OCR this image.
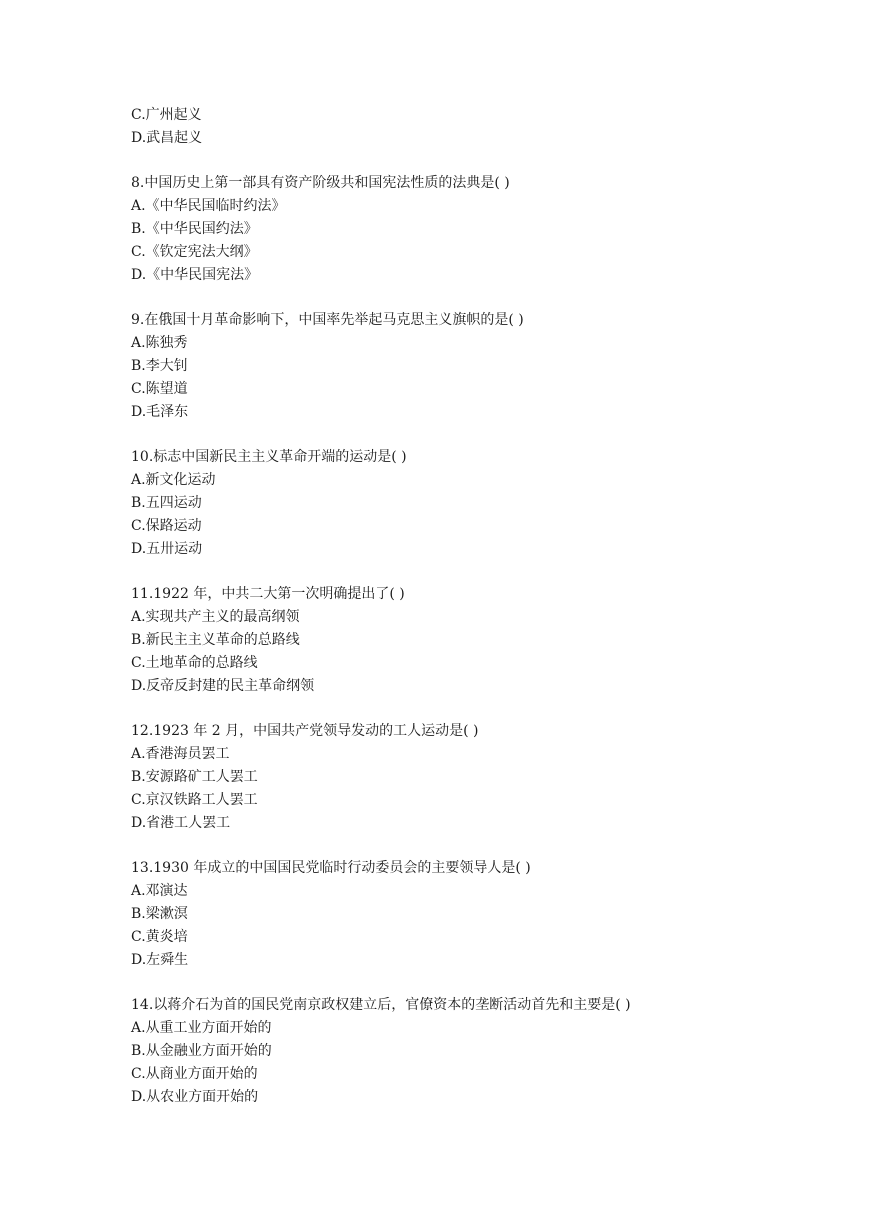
C.广州起义
D.武昌起义
8.中国历史上第一部具有资产阶级共和国宪法性质的法典是( )
A.《中华民国临时约法》
B.《中华民国约法》
C.《钦定宪法大纲》
D.《中华民国宪法》
9.在俄国十月革命影响下，中国率先举起马克思主义旗帜的是( )
A.陈独秀
B.李大钊
C.陈望道
D.毛泽东
10.标志中国新民主主义革命开端的运动是( )
A.新文化运动
B.五四运动
C.保路运动
D.五卅运动
11.1922 年，中共二大第一次明确提出了( )
A.实现共产主义的最高纲领
B.新民主主义革命的总路线
C.土地革命的总路线
D.反帝反封建的民主革命纲领
12.1923 年 2 月，中国共产党领导发动的工人运动是( )
A.香港海员罢工
B.安源路矿工人罢工
C.京汉铁路工人罢工
D.省港工人罢工
13.1930 年成立的中国国民党临时行动委员会的主要领导人是( )
A.邓演达
B.梁漱溟
C.黄炎培
D.左舜生
14.以蒋介石为首的国民党南京政权建立后，官僚资本的垄断活动首先和主要是( )
A.从重工业方面开始的
B.从金融业方面开始的
C.从商业方面开始的
D.从农业方面开始的
